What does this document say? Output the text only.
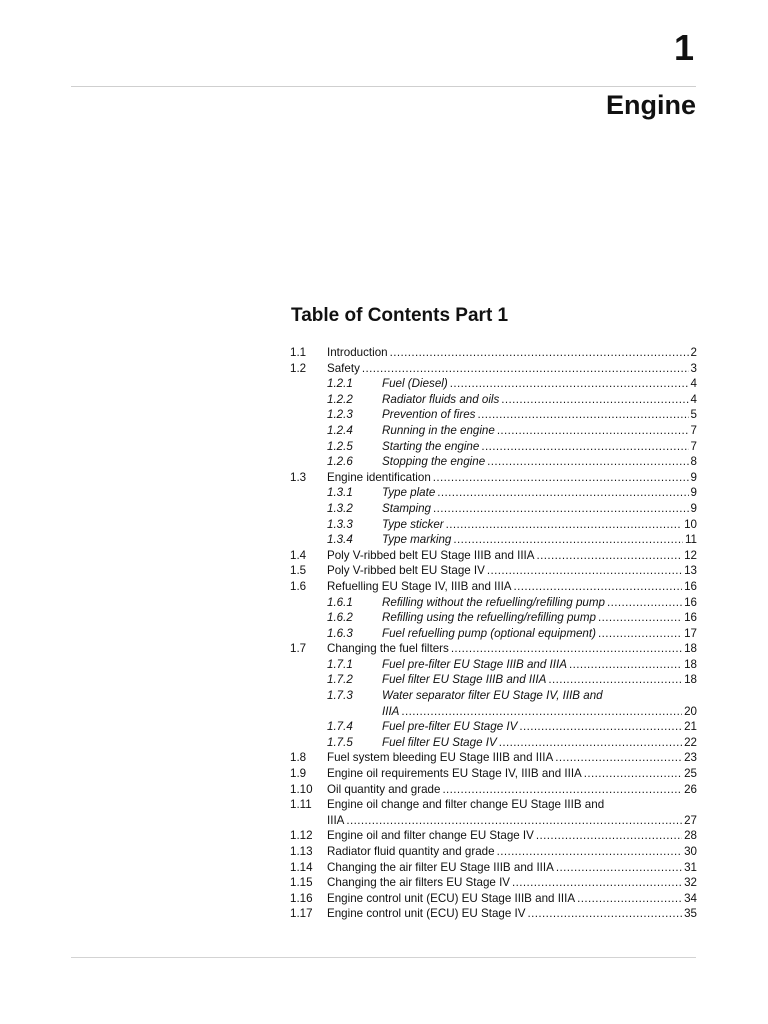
1
Engine
Table of Contents Part 1
1.1 Introduction .....	2
1.2 Safety .....	3
1.2.1	Fuel (Diesel) .....	4
1.2.2	Radiator fluids and oils .....	4
1.2.3	Prevention of fires .....	5
1.2.4	Running in the engine .....	7
1.2.5	Starting the engine .....	7
1.2.6	Stopping the engine .....	8
1.3 Engine identification .....	9
1.3.1	Type plate .....	9
1.3.2	Stamping .....	9
1.3.3	Type sticker .....	10
1.3.4	Type marking .....	11
1.4 Poly V-ribbed belt EU Stage IIIB and IIIA .....	12
1.5 Poly V-ribbed belt EU Stage IV .....	13
1.6 Refuelling EU Stage IV, IIIB and IIIA .....	16
1.6.1	Refilling without the refuelling/refilling pump .....	16
1.6.2	Refilling using the refuelling/refilling pump .....	16
1.6.3	Fuel refuelling pump (optional equipment) .....	17
1.7 Changing the fuel filters .....	18
1.7.1	Fuel pre-filter EU Stage IIIB and IIIA .....	18
1.7.2	Fuel filter EU Stage IIIB and IIIA .....	18
1.7.3	Water separator filter EU Stage IV, IIIB and
IIIA .....	20
1.7.4	Fuel pre-filter EU Stage IV .....	21
1.7.5	Fuel filter EU Stage IV .....	22
1.8 Fuel system bleeding EU Stage IIIB and IIIA .....	23
1.9 Engine oil requirements EU Stage IV, IIIB and IIIA .....	25
1.10 Oil quantity and grade .....	26
1.11 Engine oil change and filter change EU Stage IIIB and
IIIA .....	27
1.12 Engine oil and filter change EU Stage IV .....	28
1.13 Radiator fluid quantity and grade .....	30
1.14 Changing the air filter EU Stage IIIB and IIIA .....	31
1.15 Changing the air filters EU Stage IV .....	32
1.16 Engine control unit (ECU) EU Stage IIIB and IIIA .....	34
1.17 Engine control unit (ECU) EU Stage IV .....	35
